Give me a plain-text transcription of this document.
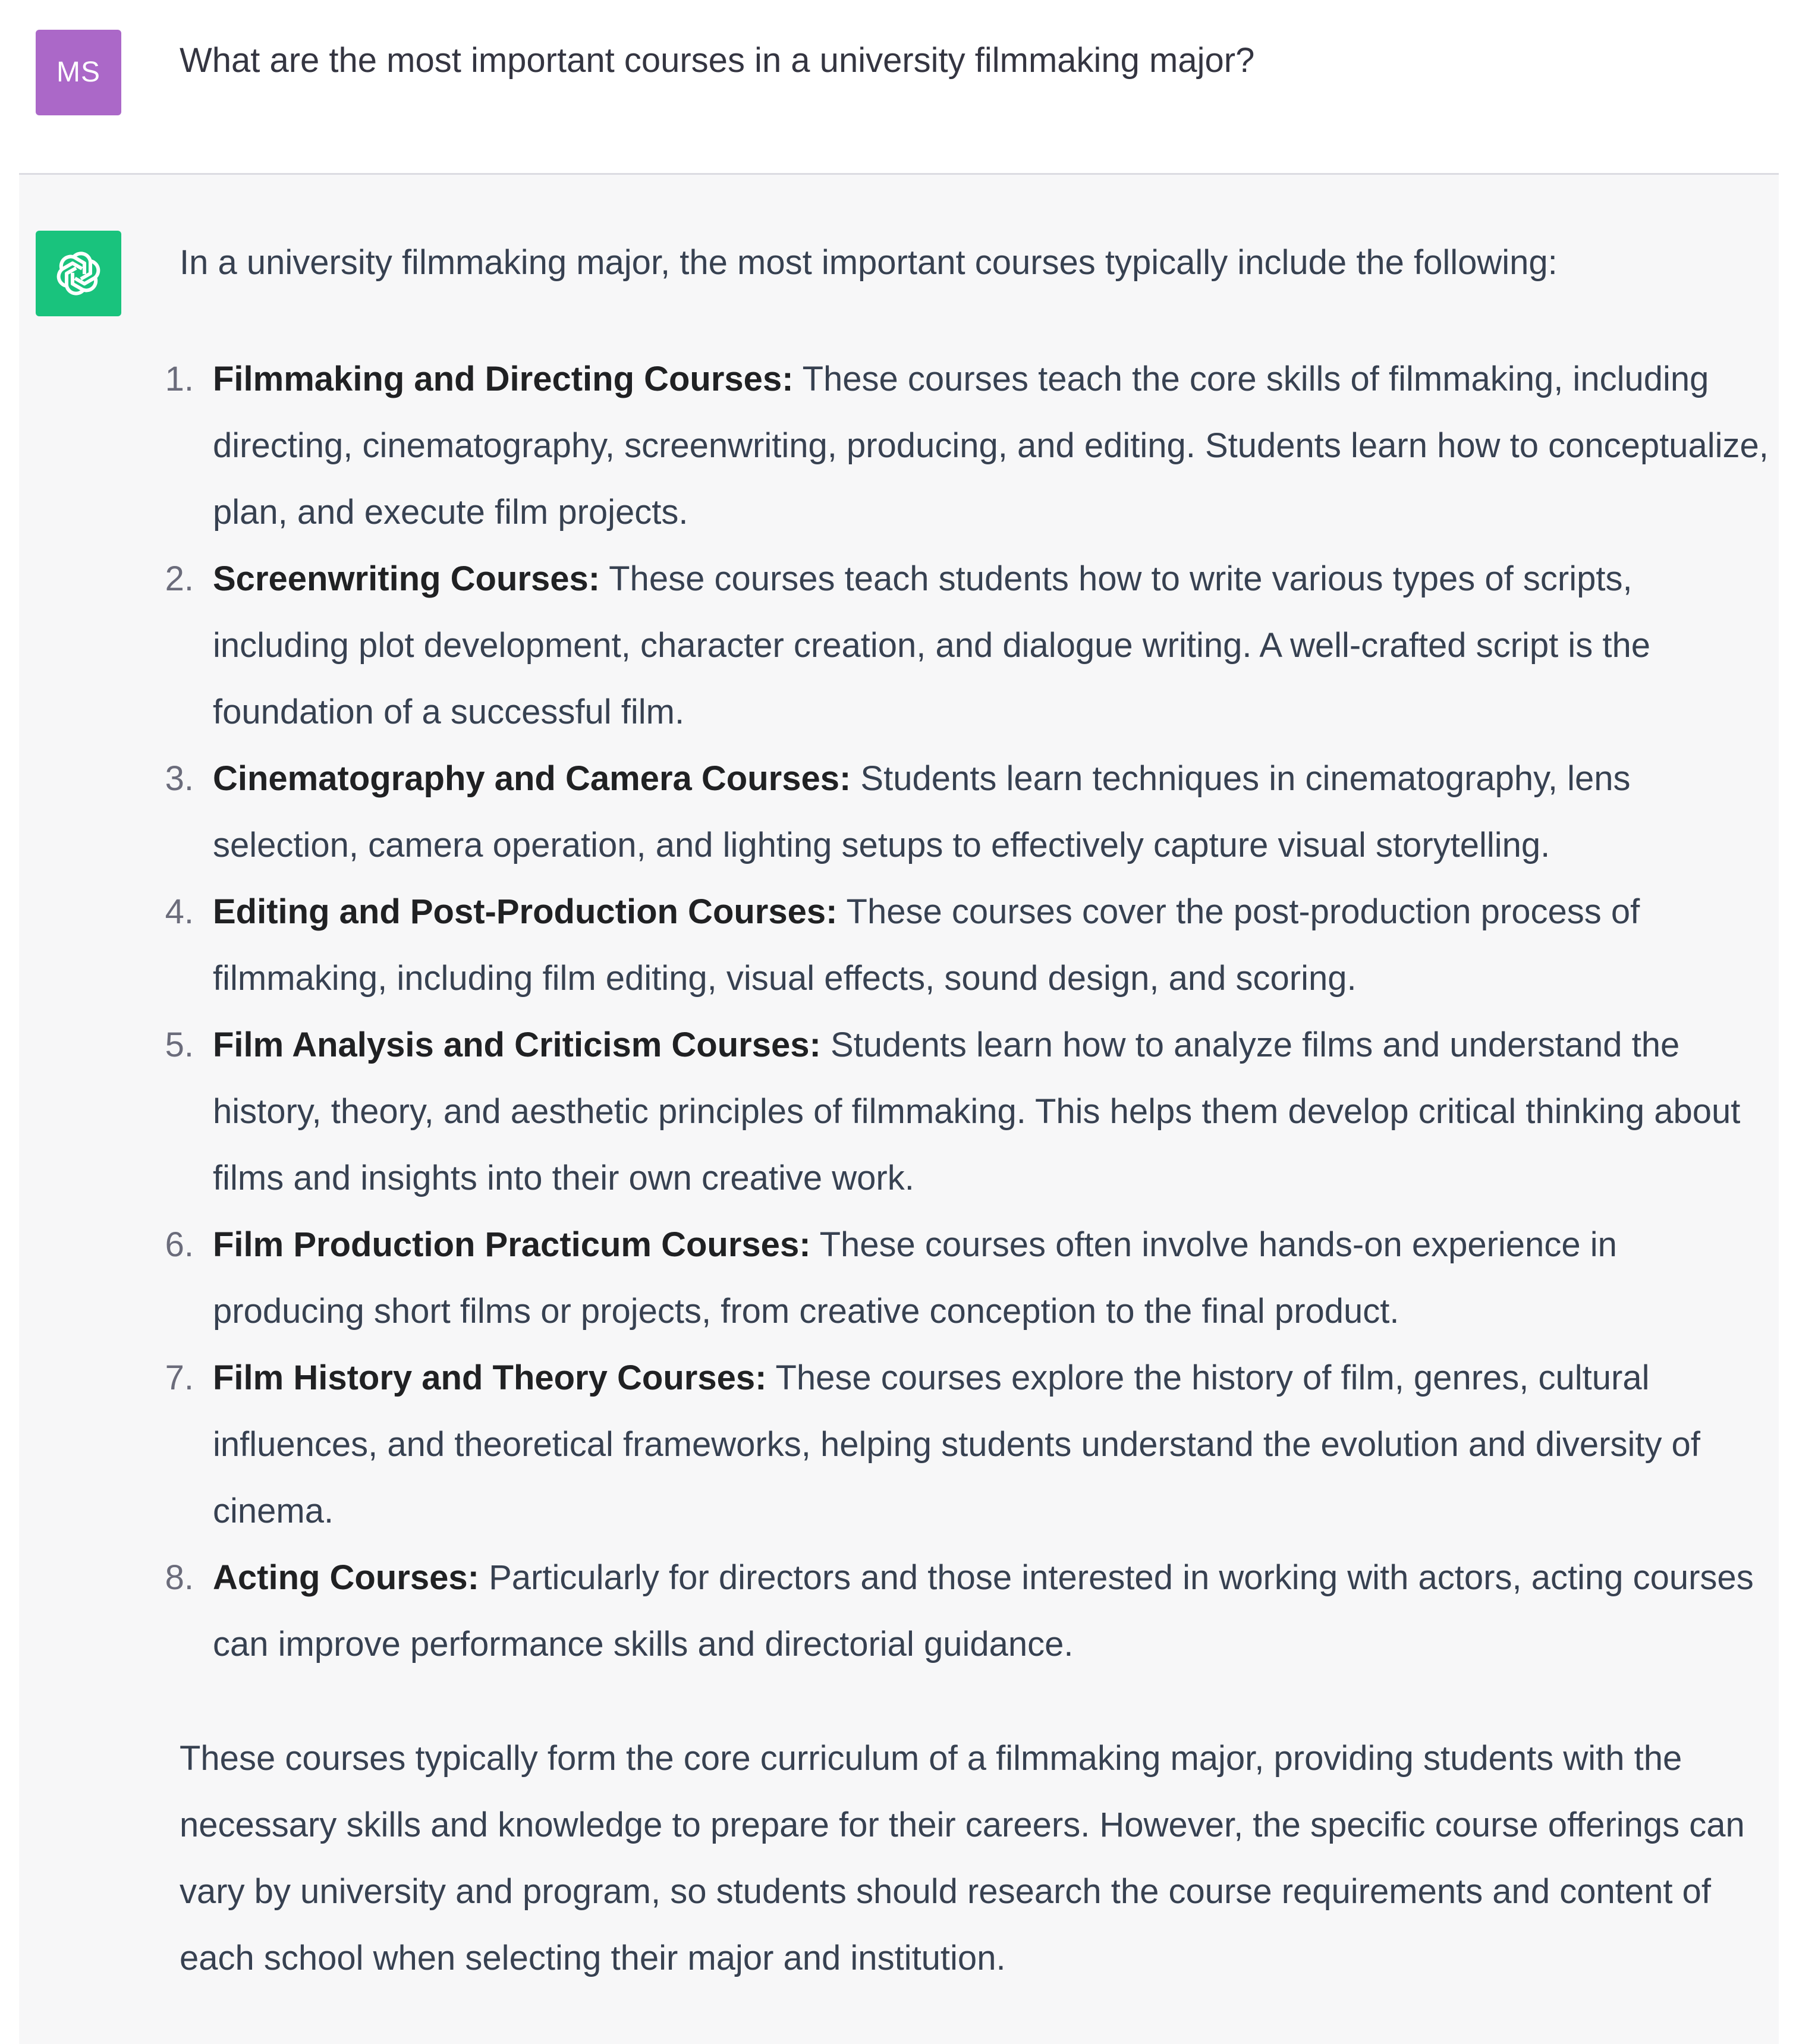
MS	What are the most important courses in a university filmmaking major?

In a university filmmaking major, the most important courses typically include the following:

1. Filmmaking and Directing Courses: These courses teach the core skills of filmmaking, including directing, cinematography, screenwriting, producing, and editing. Students learn how to conceptualize, plan, and execute film projects.
2. Screenwriting Courses: These courses teach students how to write various types of scripts, including plot development, character creation, and dialogue writing. A well-crafted script is the foundation of a successful film.
3. Cinematography and Camera Courses: Students learn techniques in cinematography, lens selection, camera operation, and lighting setups to effectively capture visual storytelling.
4. Editing and Post-Production Courses: These courses cover the post-production process of filmmaking, including film editing, visual effects, sound design, and scoring.
5. Film Analysis and Criticism Courses: Students learn how to analyze films and understand the history, theory, and aesthetic principles of filmmaking. This helps them develop critical thinking about films and insights into their own creative work.
6. Film Production Practicum Courses: These courses often involve hands-on experience in producing short films or projects, from creative conception to the final product.
7. Film History and Theory Courses: These courses explore the history of film, genres, cultural influences, and theoretical frameworks, helping students understand the evolution and diversity of cinema.
8. Acting Courses: Particularly for directors and those interested in working with actors, acting courses can improve performance skills and directorial guidance.

These courses typically form the core curriculum of a filmmaking major, providing students with the necessary skills and knowledge to prepare for their careers. However, the specific course offerings can vary by university and program, so students should research the course requirements and content of each school when selecting their major and institution.
